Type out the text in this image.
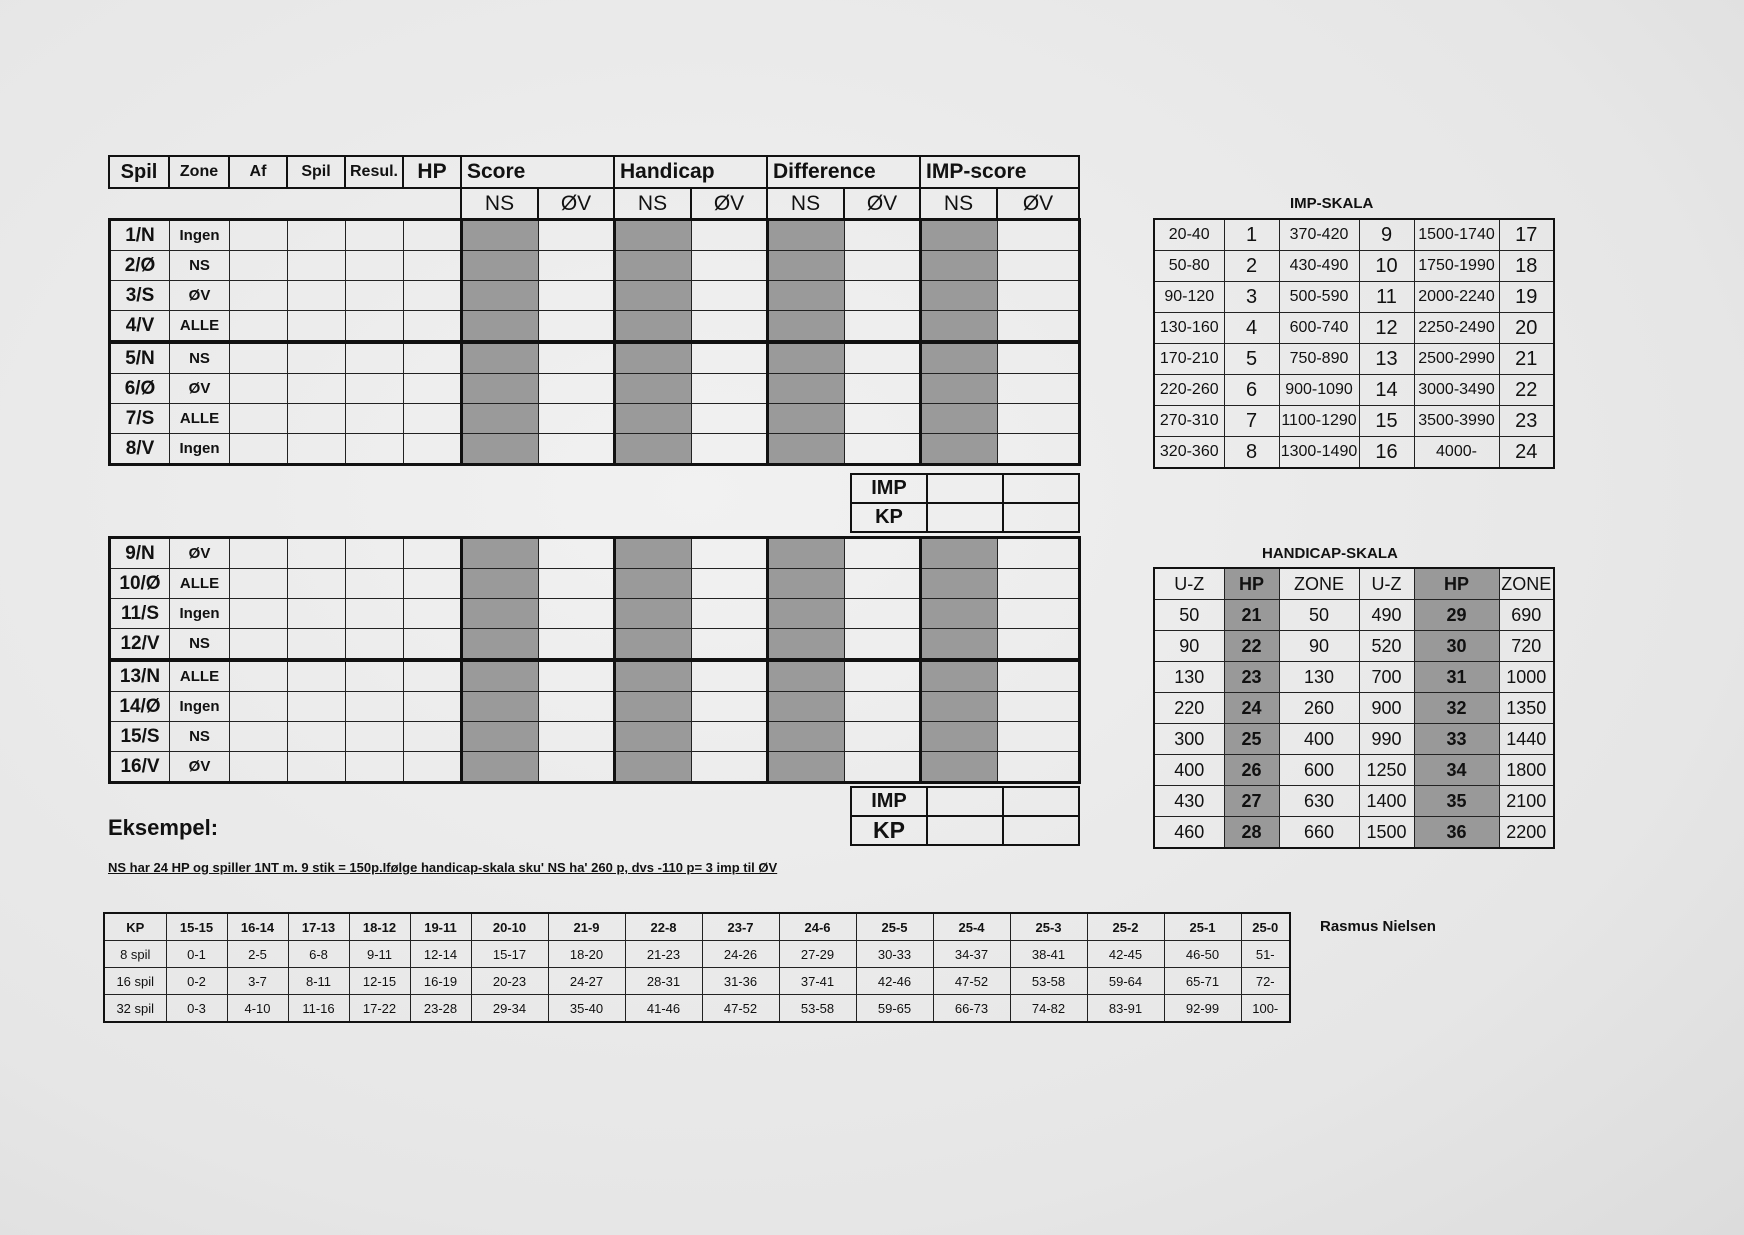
Spil	Zone	Af	Spil	Resul.	HP	Score		Handicap		Difference		IMP-score	
						NS	ØV	NS	ØV	NS	ØV	NS	ØV
1/N	Ingen												
2/Ø	NS												
3/S	ØV												
4/V	ALLE												
5/N	NS												
6/Ø	ØV												
7/S	ALLE												
8/V	Ingen												
IMP		
KP		
9/N	ØV												
10/Ø	ALLE												
11/S	Ingen												
12/V	NS												
13/N	ALLE												
14/Ø	Ingen												
15/S	NS												
16/V	ØV												
IMP		
KP		
Eksempel:
NS har 24 HP og spiller 1NT m. 9 stik = 150p.Ifølge handicap-skala sku' NS ha' 260 p, dvs -110 p= 3 imp til ØV
IMP-SKALA
20-40	1	370-420	9	1500-1740	17
50-80	2	430-490	10	1750-1990	18
90-120	3	500-590	11	2000-2240	19
130-160	4	600-740	12	2250-2490	20
170-210	5	750-890	13	2500-2990	21
220-260	6	900-1090	14	3000-3490	22
270-310	7	1100-1290	15	3500-3990	23
320-360	8	1300-1490	16	4000-	24
HANDICAP-SKALA
U-Z	HP	ZONE	U-Z	HP	ZONE
50	21	50	490	29	690
90	22	90	520	30	720
130	23	130	700	31	1000
220	24	260	900	32	1350
300	25	400	990	33	1440
400	26	600	1250	34	1800
430	27	630	1400	35	2100
460	28	660	1500	36	2200
KP	15-15	16-14	17-13	18-12	19-11	20-10	21-9	22-8	23-7	24-6	25-5	25-4	25-3	25-2	25-1	25-0
8 spil	0-1	2-5	6-8	9-11	12-14	15-17	18-20	21-23	24-26	27-29	30-33	34-37	38-41	42-45	46-50	51-
16 spil	0-2	3-7	8-11	12-15	16-19	20-23	24-27	28-31	31-36	37-41	42-46	47-52	53-58	59-64	65-71	72-
32 spil	0-3	4-10	11-16	17-22	23-28	29-34	35-40	41-46	47-52	53-58	59-65	66-73	74-82	83-91	92-99	100-
Rasmus Nielsen
